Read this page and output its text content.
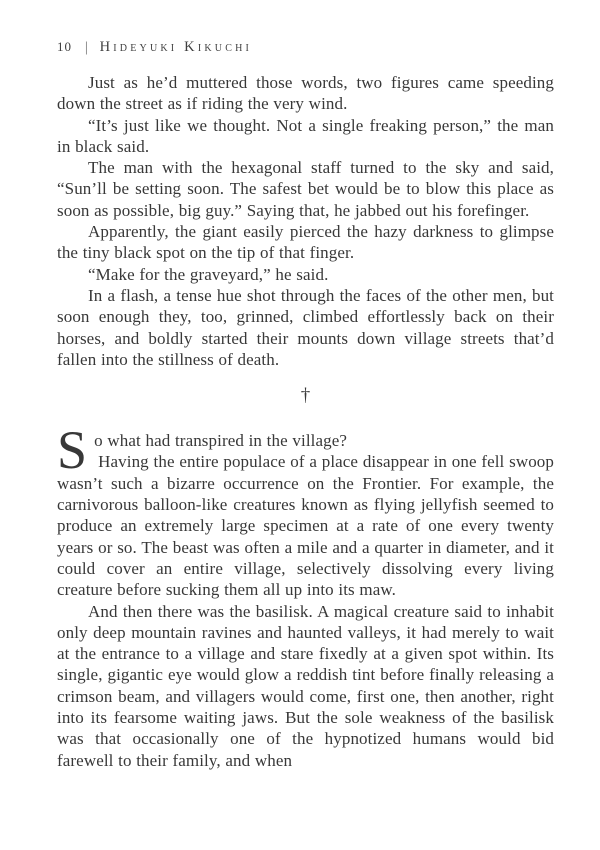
10 | Hideyuki Kikuchi

Just as he’d muttered those words, two figures came speeding down the street as if riding the very wind.

“It’s just like we thought. Not a single freaking person,” the man in black said.

The man with the hexagonal staff turned to the sky and said, “Sun’ll be setting soon. The safest bet would be to blow this place as soon as possible, big guy.” Saying that, he jabbed out his forefinger.

Apparently, the giant easily pierced the hazy darkness to glimpse the tiny black spot on the tip of that finger.

“Make for the graveyard,” he said.

In a flash, a tense hue shot through the faces of the other men, but soon enough they, too, grinned, climbed effortlessly back on their horses, and boldly started their mounts down village streets that’d fallen into the stillness of death.

†

So what had transpired in the village?
Having the entire populace of a place disappear in one fell swoop wasn’t such a bizarre occurrence on the Frontier. For example, the carnivorous balloon-like creatures known as flying jellyfish seemed to produce an extremely large specimen at a rate of one every twenty years or so. The beast was often a mile and a quarter in diameter, and it could cover an entire village, selectively dissolving every living creature before sucking them all up into its maw.

And then there was the basilisk. A magical creature said to inhabit only deep mountain ravines and haunted valleys, it had merely to wait at the entrance to a village and stare fixedly at a given spot within. Its single, gigantic eye would glow a reddish tint before finally releasing a crimson beam, and villagers would come, first one, then another, right into its fearsome waiting jaws. But the sole weakness of the basilisk was that occasionally one of the hypnotized humans would bid farewell to their family, and when
